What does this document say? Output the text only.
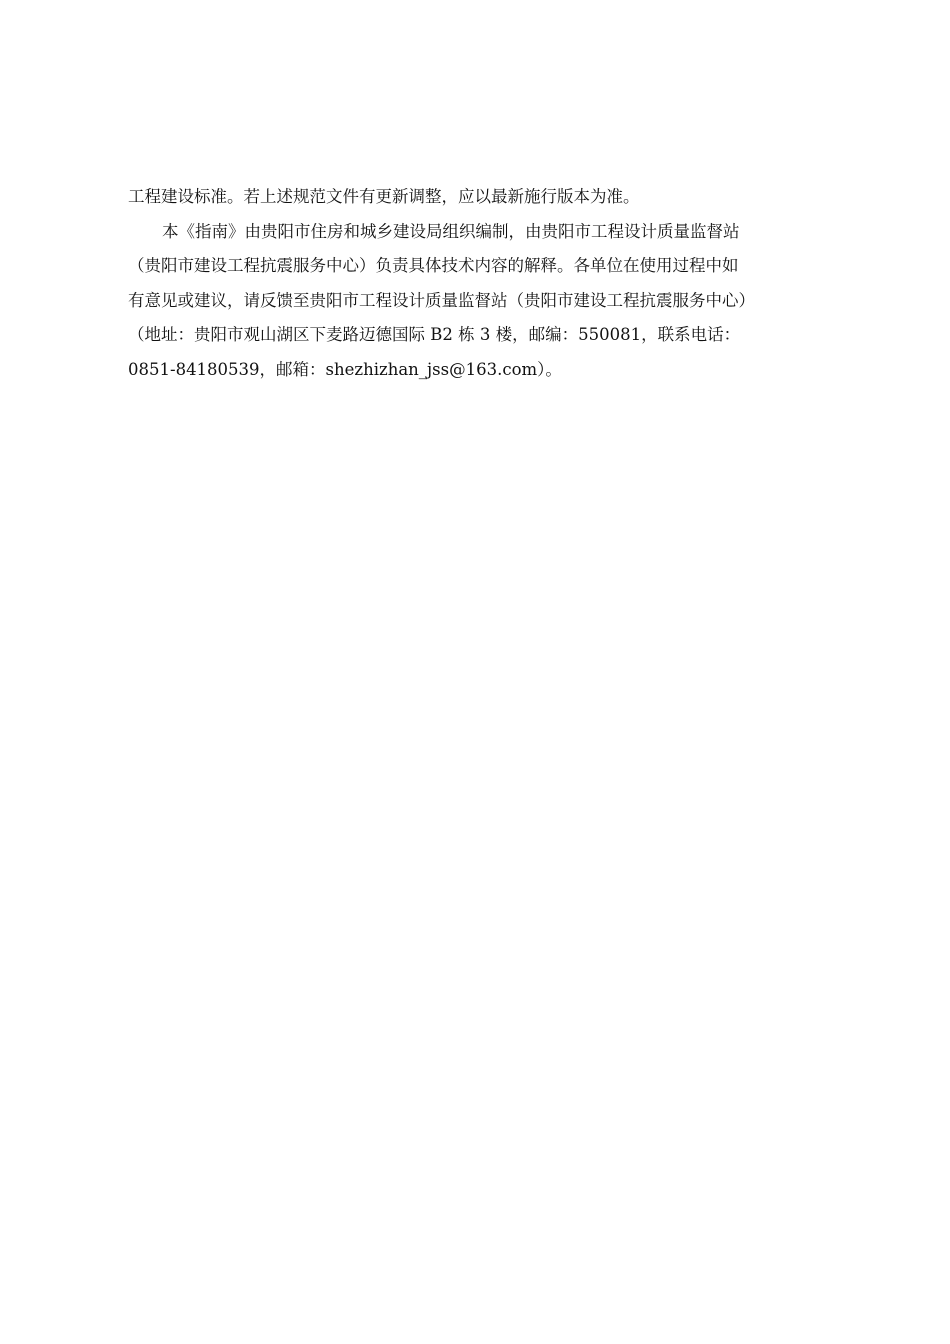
工程建设标准。若上述规范文件有更新调整，应以最新施行版本为准。
本《指南》由贵阳市住房和城乡建设局组织编制，由贵阳市工程设计质量监督站
（贵阳市建设工程抗震服务中心）负责具体技术内容的解释。各单位在使用过程中如
有意见或建议，请反馈至贵阳市工程设计质量监督站（贵阳市建设工程抗震服务中心）
（地址：贵阳市观山湖区下麦路迈德国际 B2 栋 3 楼，邮编：550081，联系电话：
0851-84180539，邮箱：shezhizhan_jss@163.com）。
